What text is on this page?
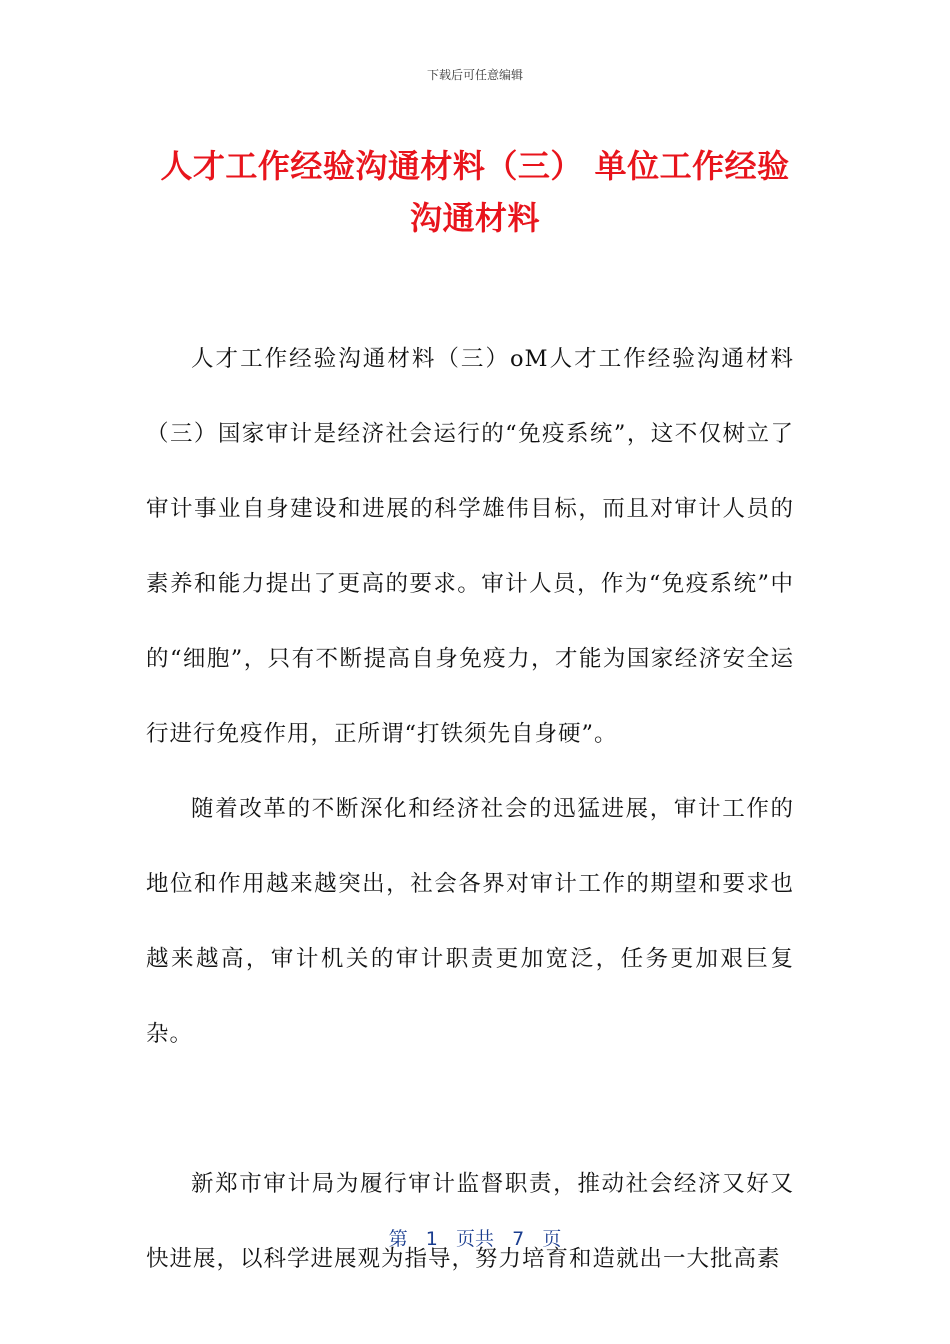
下载后可任意编辑
人才工作经验沟通材料（三） 单位工作经验
沟通材料

人才工作经验沟通材料（三）oM人才工作经验沟通材料（三）国家审计是经济社会运行的“免疫系统”，这不仅树立了审计事业自身建设和进展的科学雄伟目标，而且对审计人员的素养和能力提出了更高的要求。审计人员，作为“免疫系统”中的“细胞”，只有不断提高自身免疫力，才能为国家经济安全运行进行免疫作用，正所谓“打铁须先自身硬”。

随着改革的不断深化和经济社会的迅猛进展，审计工作的地位和作用越来越突出，社会各界对审计工作的期望和要求也越来越高，审计机关的审计职责更加宽泛，任务更加艰巨复杂。

新郑市审计局为履行审计监督职责，推动社会经济又好又快进展，以科学进展观为指导，努力培育和造就出一大批高素

第 1 页共 7 页
